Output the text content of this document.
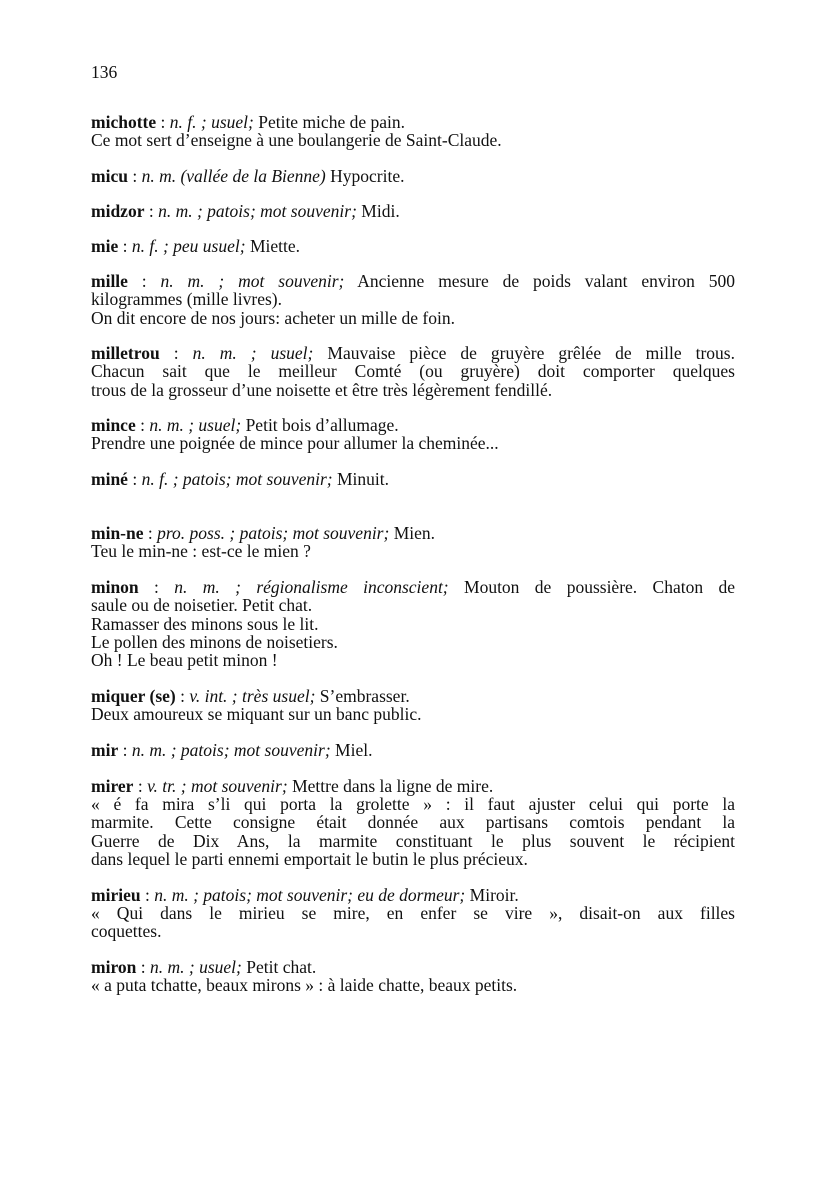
136
michotte : n. f. ; usuel; Petite miche de pain.
Ce mot sert d’enseigne à une boulangerie de Saint-Claude.
micu : n. m. (vallée de la Bienne) Hypocrite.
midzor : n. m. ; patois; mot souvenir; Midi.
mie : n. f. ; peu usuel; Miette.
mille : n. m. ; mot souvenir; Ancienne mesure de poids valant environ 500
kilogrammes (mille livres).
On dit encore de nos jours: acheter un mille de foin.
milletrou : n. m. ; usuel; Mauvaise pièce de gruyère grêlée de mille trous.
Chacun sait que le meilleur Comté (ou gruyère) doit comporter quelques
trous de la grosseur d’une noisette et être très légèrement fendillé.
mince : n. m. ; usuel; Petit bois d’allumage.
Prendre une poignée de mince pour allumer la cheminée...
miné : n. f. ; patois; mot souvenir; Minuit.
min-ne : pro. poss. ; patois; mot souvenir; Mien.
Teu le min-ne : est-ce le mien ?
minon : n. m. ; régionalisme inconscient; Mouton de poussière. Chaton de
saule ou de noisetier. Petit chat.
Ramasser des minons sous le lit.
Le pollen des minons de noisetiers.
Oh ! Le beau petit minon !
miquer (se) : v. int. ; très usuel; S’embrasser.
Deux amoureux se miquant sur un banc public.
mir : n. m. ; patois; mot souvenir; Miel.
mirer : v. tr. ; mot souvenir; Mettre dans la ligne de mire.
« é fa mira s’li qui porta la grolette » : il faut ajuster celui qui porte la
marmite. Cette consigne était donnée aux partisans comtois pendant la
Guerre de Dix Ans, la marmite constituant le plus souvent le récipient
dans lequel le parti ennemi emportait le butin le plus précieux.
mirieu : n. m. ; patois; mot souvenir; eu de dormeur; Miroir.
« Qui dans le mirieu se mire, en enfer se vire », disait-on aux filles
coquettes.
miron : n. m. ; usuel; Petit chat.
« a puta tchatte, beaux mirons » : à laide chatte, beaux petits.
